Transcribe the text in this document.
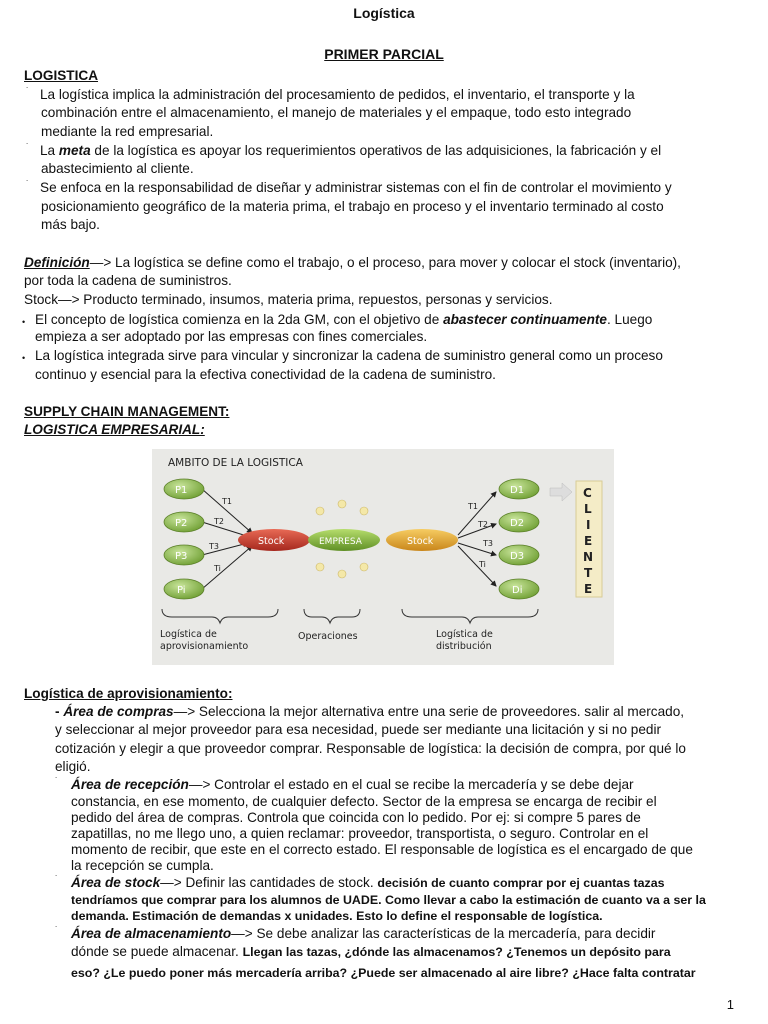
Logística
PRIMER PARCIAL
LOGISTICA
˙ La logística implica la administración del procesamiento de pedidos, el inventario, el transporte y la
combinación entre el almacenamiento, el manejo de materiales y el empaque, todo esto integrado
mediante la red empresarial.
˙ La meta de la logística es apoyar los requerimientos operativos de las adquisiciones, la fabricación y el
abastecimiento al cliente.
˙ Se enfoca en la responsabilidad de diseñar y administrar sistemas con el fin de controlar el movimiento y
posicionamiento geográfico de la materia prima, el trabajo en proceso y el inventario terminado al costo
más bajo.
Definición—> La logística se define como el trabajo, o el proceso, para mover y colocar el stock (inventario),
por toda la cadena de suministros.
Stock—> Producto terminado, insumos, materia prima, repuestos, personas y servicios.
• El concepto de logística comienza en la 2da GM, con el objetivo de abastecer continuamente. Luego
empieza a ser adoptado por las empresas con fines comerciales.
• La logística integrada sirve para vincular y sincronizar la cadena de suministro general como un proceso
continuo y esencial para la efectiva conectividad de la cadena de suministro.
SUPPLY CHAIN MANAGEMENT:
LOGISTICA EMPRESARIAL:
AMBITO DE LA LOGISTICA
P1
P2
P3
Pi
T1
T2
T3
Ti
Stock	EMPRESA	Stock
T1
T2
T3
Ti
D1
D2
D3
Di
C
L
I
E
N
T
E
Logística de
aprovisionamiento
Operaciones	Logística de
distribución
Logística de aprovisionamiento:
- Área de compras—> Selecciona la mejor alternativa entre una serie de proveedores. salir al mercado,
y seleccionar al mejor proveedor para esa necesidad, puede ser mediante una licitación y si no pedir
cotización y elegir a que proveedor comprar. Responsable de logística: la decisión de compra, por qué lo
eligió.
˙ Área de recepción—> Controlar el estado en el cual se recibe la mercadería y se debe dejar
constancia, en ese momento, de cualquier defecto. Sector de la empresa se encarga de recibir el
pedido del área de compras. Controla que coincida con lo pedido. Por ej: si compre 5 pares de
zapatillas, no me llego uno, a quien reclamar: proveedor, transportista, o seguro. Controlar en el
momento de recibir, que este en el correcto estado. El responsable de logística es el encargado de que
la recepción se cumpla.
˙ Área de stock—> Definir las cantidades de stock. decisión de cuanto comprar por ej cuantas tazas
tendríamos que comprar para los alumnos de UADE. Como llevar a cabo la estimación de cuanto va a ser la
demanda. Estimación de demandas x unidades. Esto lo define el responsable de logística.
˙ Área de almacenamiento—> Se debe analizar las características de la mercadería, para decidir
dónde se puede almacenar. Llegan las tazas, ¿dónde las almacenamos? ¿Tenemos un depósito para
eso? ¿Le puedo poner más mercadería arriba? ¿Puede ser almacenado al aire libre? ¿Hace falta contratar
1
